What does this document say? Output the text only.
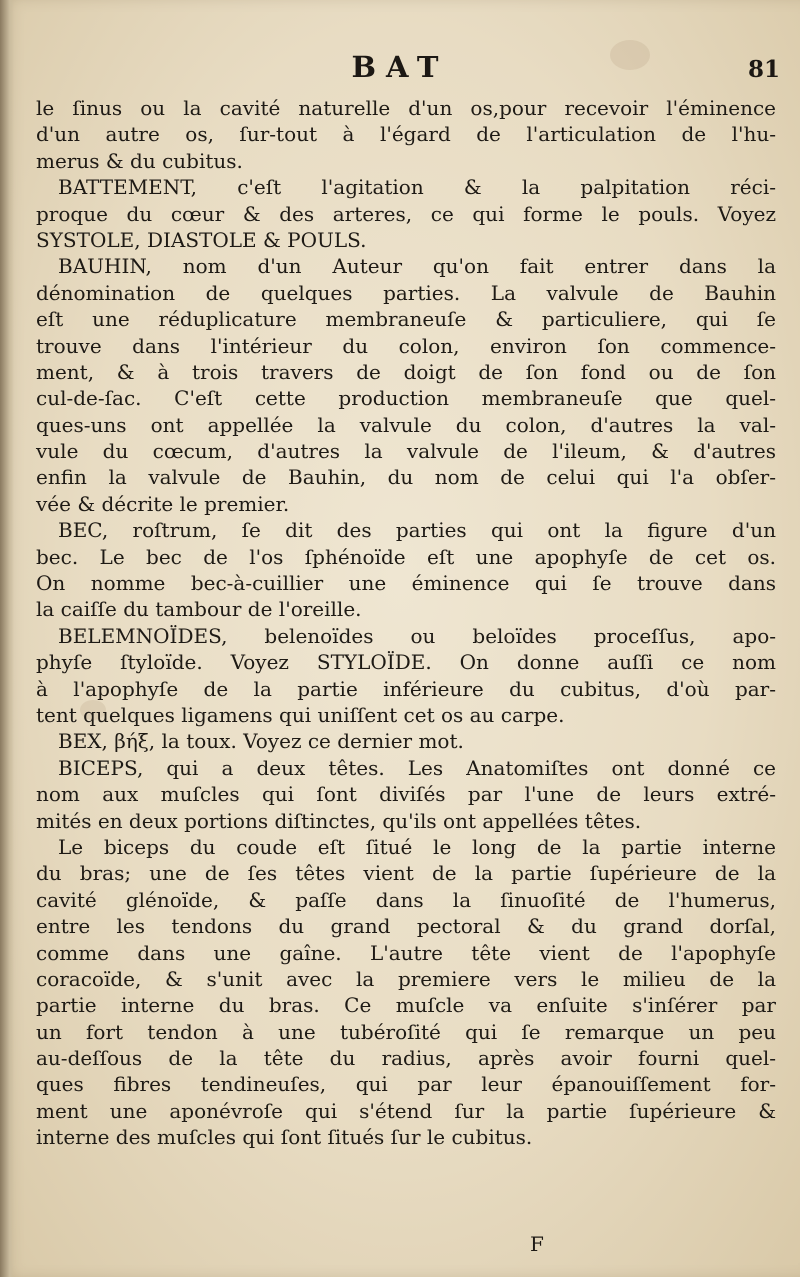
BAT	81
le ſinus ou la cavité naturelle d'un os,pour recevoir l'éminence
d'un autre os, ſur-tout à l'égard de l'articulation de l'hu-
merus & du cubitus.
BATTEMENT, c'eſt l'agitation & la palpitation réci-
proque du cœur & des arteres, ce qui forme le pouls. Voyez
SYSTOLE, DIASTOLE & POULS.
BAUHIN, nom d'un Auteur qu'on fait entrer dans la
dénomination de quelques parties. La valvule de Bauhin
eſt une réduplicature membraneuſe & particuliere, qui ſe
trouve dans l'intérieur du colon, environ ſon commence-
ment, & à trois travers de doigt de ſon fond ou de ſon
cul-de-ſac. C'eſt cette production membraneuſe que quel-
ques-uns ont appellée la valvule du colon, d'autres la val-
vule du cœcum, d'autres la valvule de l'ileum, & d'autres
enfin la valvule de Bauhin, du nom de celui qui l'a obſer-
vée & décrite le premier.
BEC, roſtrum, ſe dit des parties qui ont la figure d'un
bec. Le bec de l'os ſphénoïde eſt une apophyſe de cet os.
On nomme bec-à-cuillier une éminence qui ſe trouve dans
la caiſſe du tambour de l'oreille.
BELEMNOÏDES, belenoïdes ou beloïdes proceſſus, apo-
phyſe ſtyloïde. Voyez STYLOÏDE. On donne auſſi ce nom
à l'apophyſe de la partie inférieure du cubitus, d'où par-
tent quelques ligamens qui uniſſent cet os au carpe.
BEX, βήξ, la toux. Voyez ce dernier mot.
BICEPS, qui a deux têtes. Les Anatomiſtes ont donné ce
nom aux muſcles qui ſont diviſés par l'une de leurs extré-
mités en deux portions diſtinctes, qu'ils ont appellées têtes.
Le biceps du coude eſt ſitué le long de la partie interne
du bras; une de ſes têtes vient de la partie ſupérieure de la
cavité glénoïde, & paſſe dans la ſinuoſité de l'humerus,
entre les tendons du grand pectoral & du grand dorſal,
comme dans une gaîne. L'autre tête vient de l'apophyſe
coracoïde, & s'unit avec la premiere vers le milieu de la
partie interne du bras. Ce muſcle va enſuite s'inſérer par
un fort tendon à une tubéroſité qui ſe remarque un peu
au-deſſous de la tête du radius, après avoir fourni quel-
ques fibres tendineuſes, qui par leur épanouiſſement for-
ment une aponévroſe qui s'étend ſur la partie ſupérieure &
interne des muſcles qui ſont ſitués ſur le cubitus.
F
